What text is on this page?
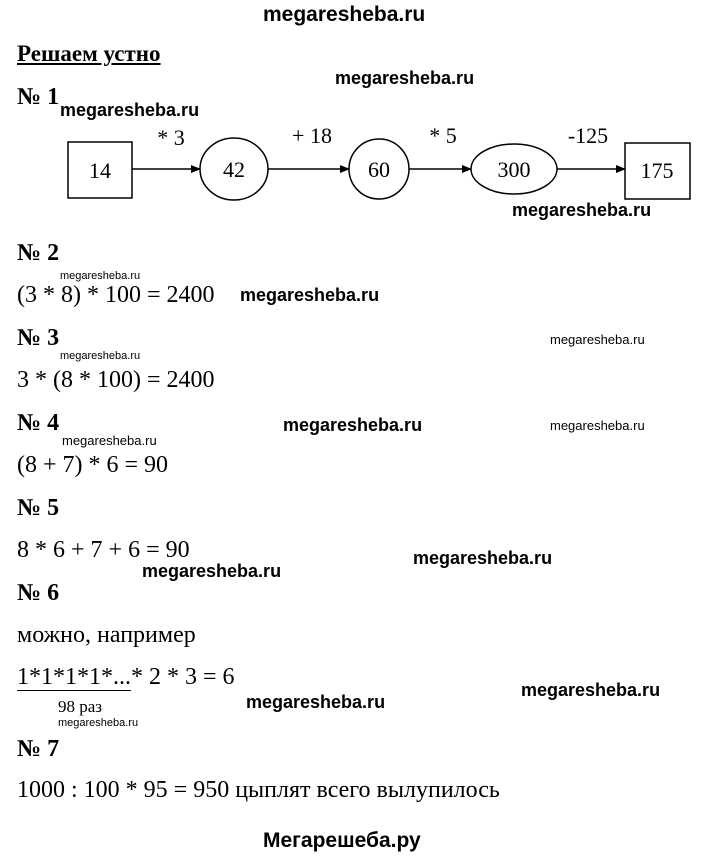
megaresheba.ru
Мегарешеба.ру
Решаем устно
№ 1 megaresheba.ru
megaresheba.ru
14	42	60	300	175
* 3	+ 18	* 5	-125
megaresheba.ru
№ 2
megaresheba.ru
(3 * 8) * 100 = 2400 megaresheba.ru
№ 3	megaresheba.ru
megaresheba.ru
3 * (8 * 100) = 2400
№ 4	megaresheba.ru	megaresheba.ru
megaresheba.ru
(8 + 7) * 6 = 90
№ 5
8 * 6 + 7 + 6 = 90	megaresheba.ru
megaresheba.ru
№ 6
можно, например
1*1*1*1*...* 2 * 3 = 6
98 раз	megaresheba.ru
megaresheba.ru
megaresheba.ru
№ 7
1000 : 100 * 95 = 950 цыплят всего вылупилось
